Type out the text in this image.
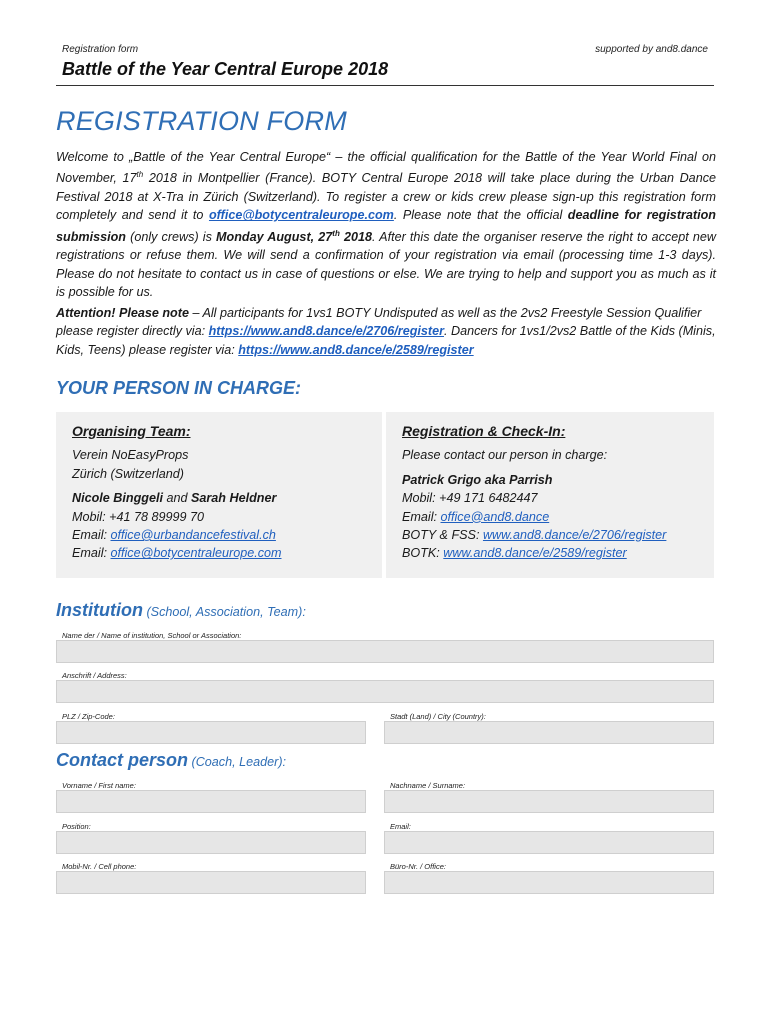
Registration form	supported by and8.dance
Battle of the Year Central Europe 2018
REGISTRATION FORM

Welcome to „Battle of the Year Central Europe“ – the official qualification for the Battle of the Year World Final on November, 17th 2018 in Montpellier (France). BOTY Central Europe 2018 will take place during the Urban Dance Festival 2018 at X-Tra in Zürich (Switzerland). To register a crew or kids crew please sign-up this registration form completely and send it to office@botycentraleurope.com. Please note that the official deadline for registration submission (only crews) is Monday August, 27th 2018. After this date the organiser reserve the right to accept new registrations or refuse them. We will send a confirmation of your registration via email (processing time 1-3 days). Please do not hesitate to contact us in case of questions or else. We are trying to help and support you as much as it is possible for us.

Attention! Please note – All participants for 1vs1 BOTY Undisputed as well as the 2vs2 Freestyle Session Qualifier please register directly via: https://www.and8.dance/e/2706/register. Dancers for 1vs1/2vs2 Battle of the Kids (Minis, Kids, Teens) please register via: https://www.and8.dance/e/2589/register

YOUR PERSON IN CHARGE:
Organising Team:
Verein NoEasyProps
Zürich (Switzerland)
Nicole Binggeli and Sarah Heldner
Mobil: +41 78 89999 70
Email: office@urbandancefestival.ch
Email: office@botycentraleurope.com
Registration & Check-In:
Please contact our person in charge:
Patrick Grigo aka Parrish
Mobil: +49 171 6482447
Email: office@and8.dance
BOTY & FSS: www.and8.dance/e/2706/register
BOTK: www.and8.dance/e/2589/register
Institution (School, Association, Team):
Name der / Name of institution, School or Association:
Anschrift / Address:
PLZ / Zip-Code:	Stadt (Land) / City (Country):
Contact person (Coach, Leader):
Vorname / First name:	Nachname / Surname:
Position:	Email:
Mobil-Nr. / Cell phone:	Büro-Nr. / Office:
